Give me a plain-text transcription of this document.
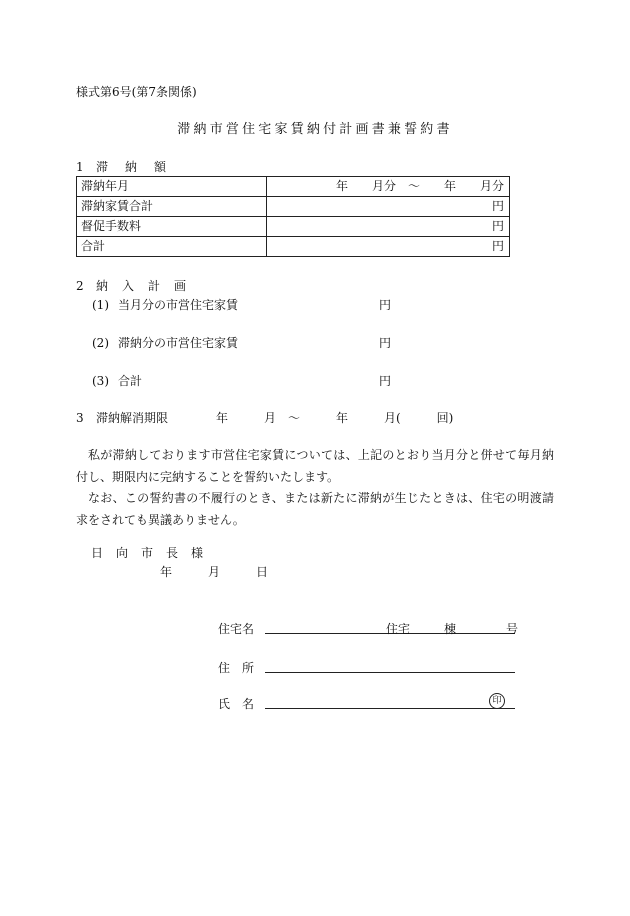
様式第6号(第7条関係)
滞納市営住宅家賃納付計画書兼誓約書
1 滞納額
滞納年月	年　　月分　～　　年　　月分
滞納家賃合計	円
督促手数料	円
合計	円
2 納入計画
(1) 当月分の市営住宅家賃	円
(2) 滞納分の市営住宅家賃	円
(3) 合計	円
3 滞納解消期限　　　　年　　　月　～　　　年　　　月(　　　回)

私が滞納しております市営住宅家賃については、上記のとおり当月分と併せて毎月納付し、期限内に完納することを誓約いたします。

なお、この誓約書の不履行のとき、または新たに滞納が生じたときは、住宅の明渡請求をされても異議ありません。

日向市長様
年　　　月　　　日
住宅名	住宅	棟	号
住　所
氏　名	印
